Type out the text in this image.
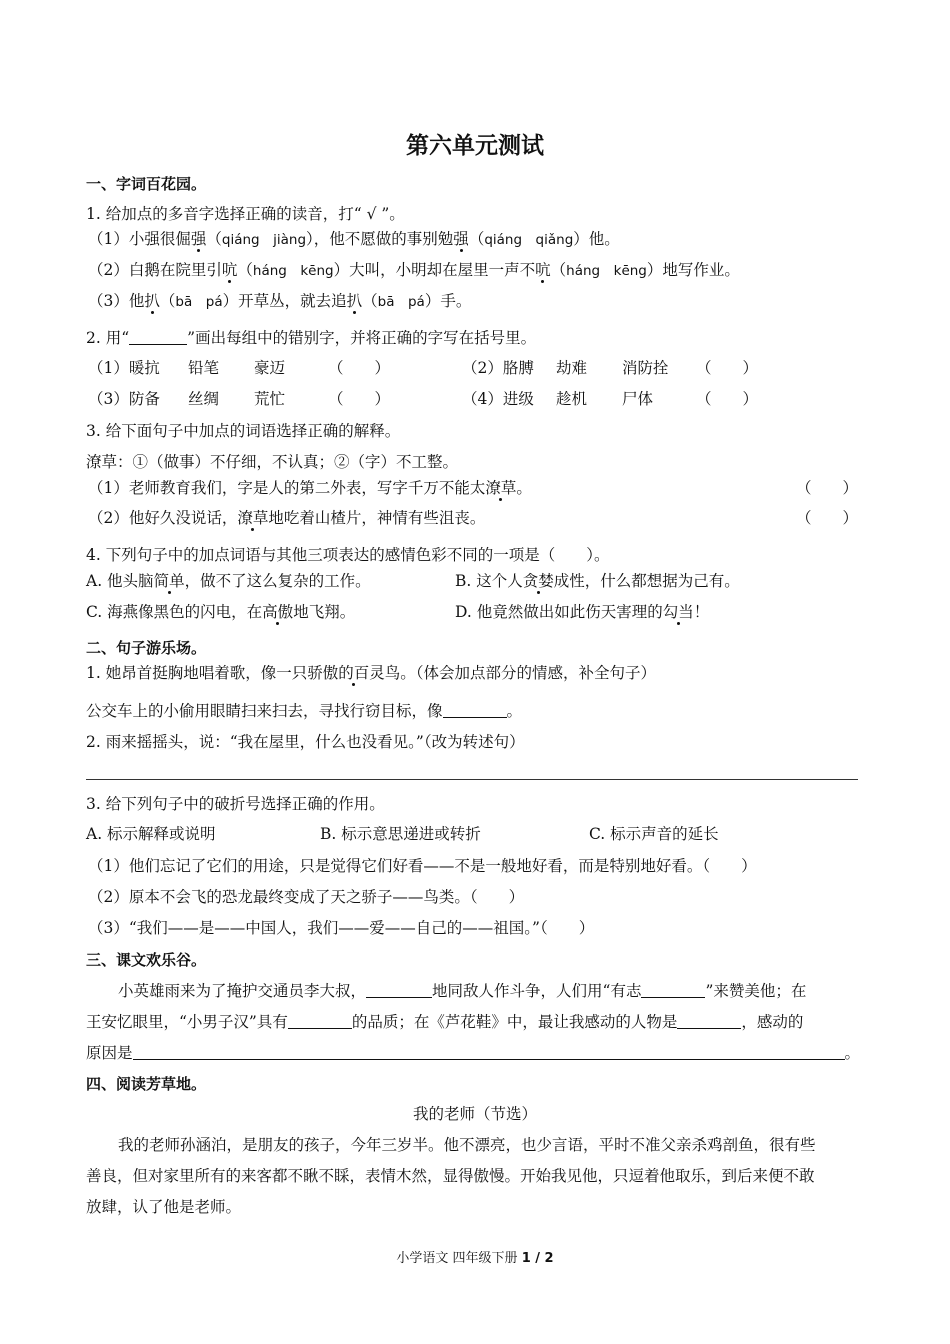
第六单元测试
一、字词百花园。
1. 给加点的多音字选择正确的读音，打“ √ ”。
（1）小强很倔强（qiáng　jiàng），他不愿做的事别勉强（qiáng　qiǎng）他。
（2）白鹅在院里引吭（háng　kēng）大叫，小明却在屋里一声不吭（háng　kēng）地写作业。
（3）他扒（bā　pá）开草丛，就去追扒（bā　pá）手。
2. 用“	”画出每组中的错别字，并将正确的字写在括号里。
（1）暖抗 铅笔 豪迈	（　　）	（2）胳膊 劫难 消防拴 （　　）
（3）防备 丝绸 荒忙	（　　）	（4）进级 趁机 尸体	（　　）
3. 给下面句子中加点的词语选择正确的解释。
潦草：①（做事）不仔细，不认真；②（字）不工整。
（1）老师教育我们，字是人的第二外表，写字千万不能太潦草。	（　　）
（2）他好久没说话，潦草地吃着山楂片，神情有些沮丧。	（　　）
4. 下列句子中的加点词语与其他三项表达的感情色彩不同的一项是（　　）。
A. 他头脑简单，做不了这么复杂的工作。	B. 这个人贪婪成性，什么都想据为己有。
C. 海燕像黑色的闪电，在高傲地飞翔。	D. 他竟然做出如此伤天害理的勾当！
二、句子游乐场。
1. 她昂首挺胸地唱着歌，像一只骄傲的百灵鸟。（体会加点部分的情感，补全句子）
公交车上的小偷用眼睛扫来扫去，寻找行窃目标，像	。
2. 雨来摇摇头，说：“我在屋里，什么也没看见。”（改为转述句）
3. 给下列句子中的破折号选择正确的作用。
A. 标示解释或说明	B. 标示意思递进或转折	C. 标示声音的延长
（1）他们忘记了它们的用途，只是觉得它们好看——不是一般地好看，而是特别地好看。（　　）
（2）原本不会飞的恐龙最终变成了天之骄子——鸟类。（　　）
（3）“我们——是——中国人，我们——爱——自己的——祖国。”（　　）
三、课文欢乐谷。
小英雄雨来为了掩护交通员李大叔，	地同敌人作斗争，人们用“有志	”来赞美他；在
王安忆眼里，“小男子汉”具有	的品质；在《芦花鞋》中，最让我感动的人物是	，感动的
原因是	。
四、阅读芳草地。
我的老师（节选）
我的老师孙涵泊，是朋友的孩子，今年三岁半。他不漂亮，也少言语，平时不准父亲杀鸡剖鱼，很有些
善良，但对家里所有的来客都不瞅不睬，表情木然，显得傲慢。开始我见他，只逗着他取乐，到后来便不敢
放肆，认了他是老师。
小学语文 四年级下册 1 / 2
